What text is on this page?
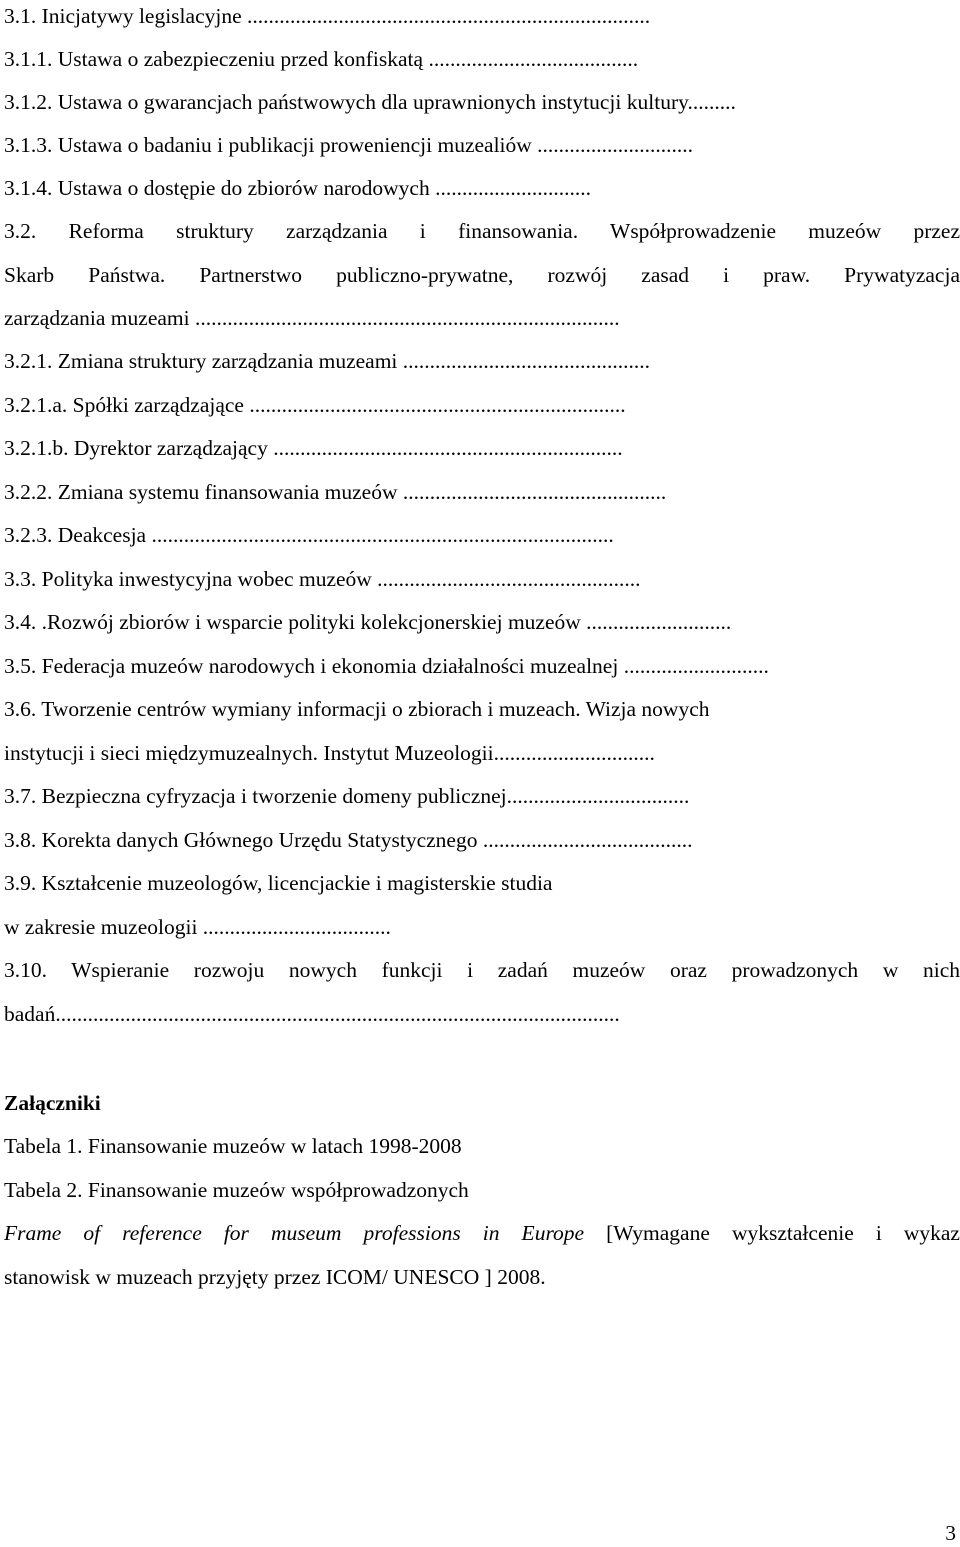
3.1. Inicjatywy legislacyjne ...........................................................................
3.1.1. Ustawa o zabezpieczeniu przed konfiskatą .......................................
3.1.2. Ustawa o gwarancjach państwowych dla uprawnionych instytucji kultury.........
3.1.3. Ustawa o badaniu i publikacji proweniencji muzealiów .............................
3.1.4. Ustawa o dostępie do zbiorów narodowych .............................
3.2. Reforma struktury zarządzania i finansowania. Współprowadzenie muzeów przez
Skarb Państwa. Partnerstwo publiczno-prywatne, rozwój zasad i praw. Prywatyzacja
zarządzania muzeami ...............................................................................
3.2.1. Zmiana struktury zarządzania muzeami ..............................................
3.2.1.a. Spółki zarządzające ......................................................................
3.2.1.b. Dyrektor zarządzający .................................................................
3.2.2. Zmiana systemu finansowania muzeów .................................................
3.2.3. Deakcesja ......................................................................................
3.3. Polityka inwestycyjna wobec muzeów .................................................
3.4. .Rozwój zbiorów i wsparcie polityki kolekcjonerskiej muzeów ...........................
3.5. Federacja muzeów narodowych i ekonomia działalności muzealnej ...........................
3.6. Tworzenie centrów wymiany informacji o zbiorach i muzeach. Wizja nowych
instytucji i sieci międzymuzealnych. Instytut Muzeologii..............................
3.7. Bezpieczna cyfryzacja i tworzenie domeny publicznej..................................
3.8. Korekta danych Głównego Urzędu Statystycznego .......................................
3.9. Kształcenie muzeologów, licencjackie i magisterskie studia
w zakresie muzeologii ...................................
3.10. Wspieranie rozwoju nowych funkcji i zadań muzeów oraz prowadzonych w nich
badań.........................................................................................................
Załączniki
Tabela 1. Finansowanie muzeów w latach 1998-2008
Tabela 2. Finansowanie muzeów współprowadzonych
Frame of reference for museum professions in Europe [Wymagane wykształcenie i wykaz
stanowisk w muzeach przyjęty przez ICOM/ UNESCO ] 2008.
3
